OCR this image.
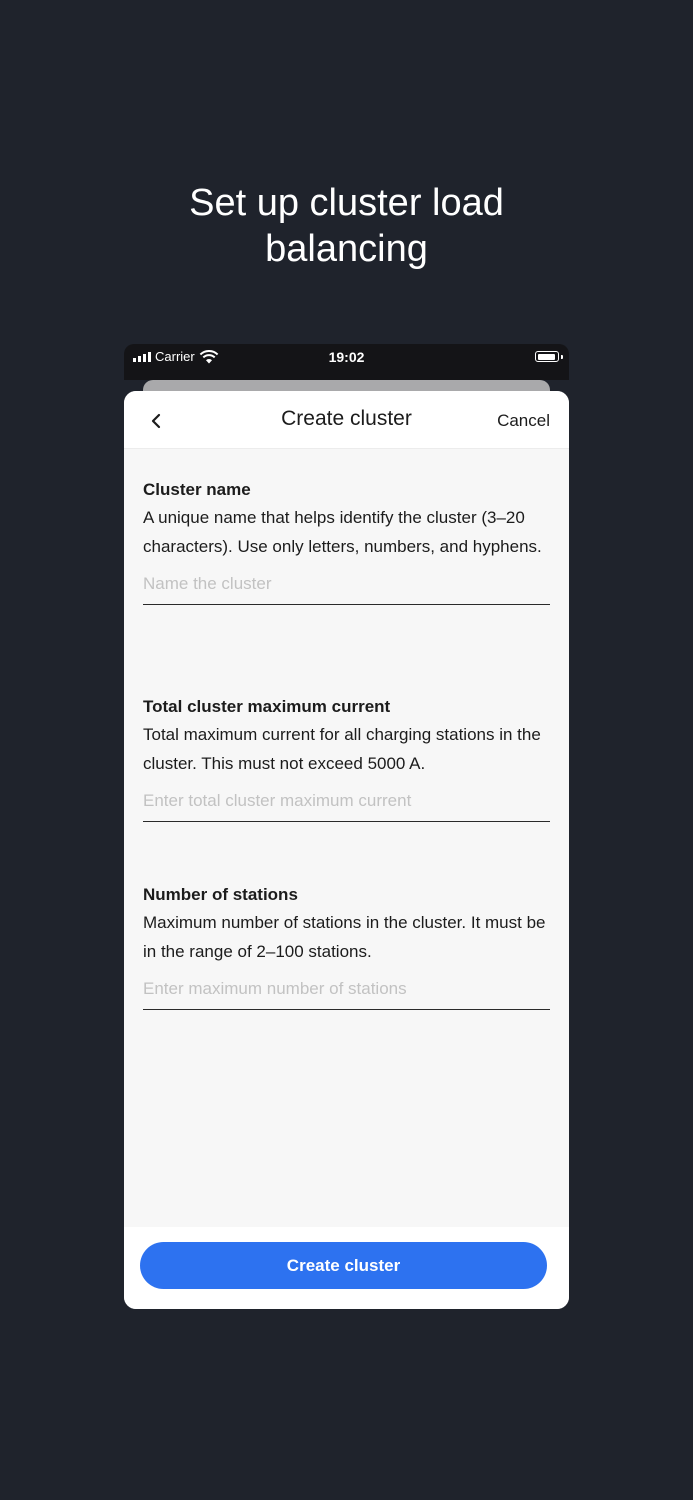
Set up cluster load
balancing
Carrier	19:02
Create cluster	Cancel
Cluster name
A unique name that helps identify the cluster (3–20 characters). Use only letters, numbers, and hyphens.
Name the cluster
Total cluster maximum current
Total maximum current for all charging stations in the cluster. This must not exceed 5000 A.
Enter total cluster maximum current
Number of stations
Maximum number of stations in the cluster. It must be in the range of 2–100 stations.
Enter maximum number of stations
Create cluster
